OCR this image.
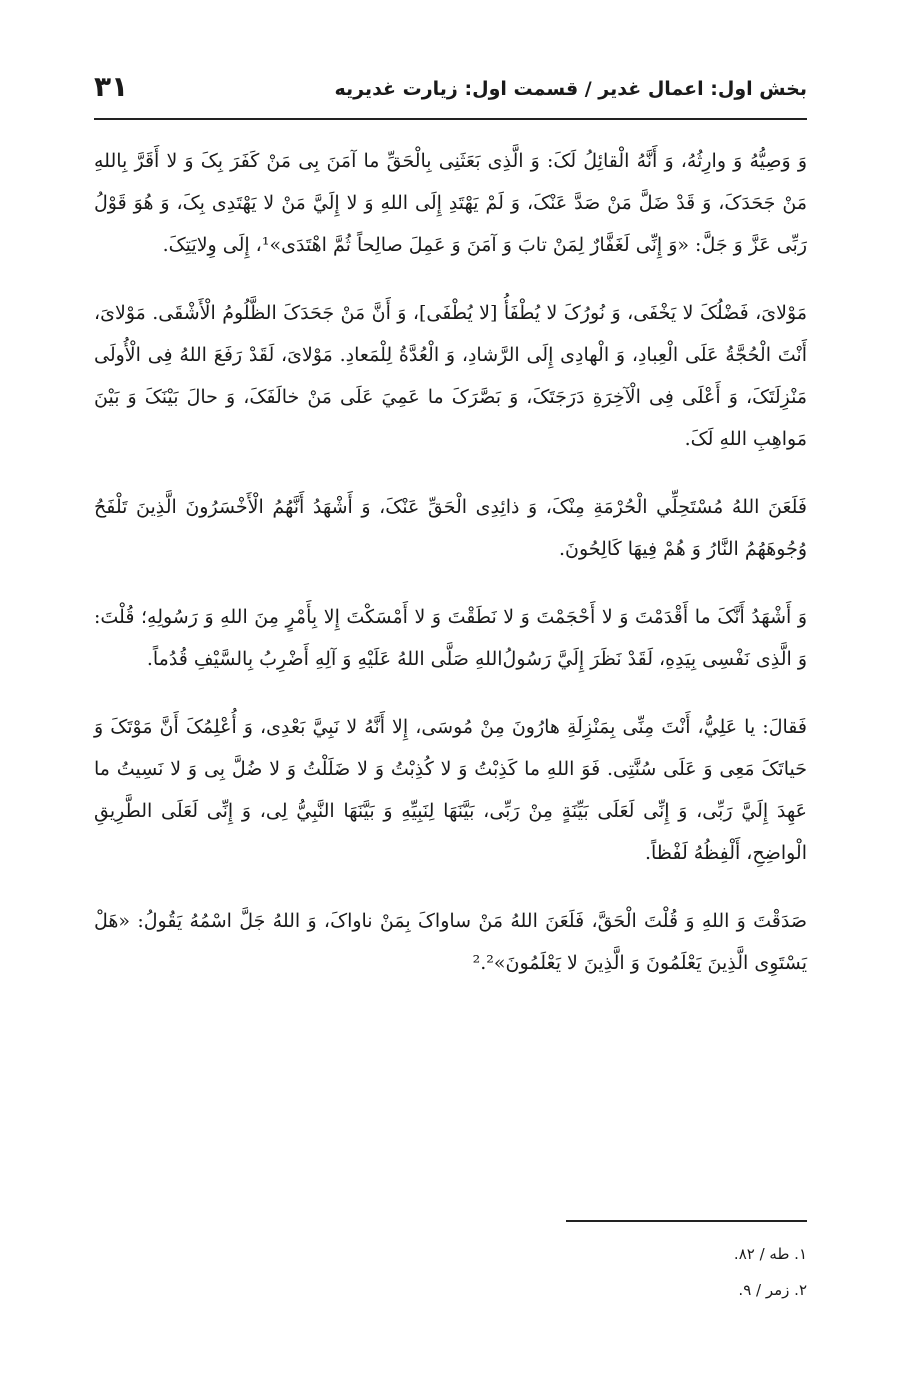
بخش اول: اعمال غدیر / قسمت اول: زیارت غدیریه
۳۱

وَ وَصِيُّهُ وَ وارِثُهُ، وَ أَنَّهُ الْقائِلُ لَکَ: وَ الَّذِی بَعَثَنِی بِالْحَقِّ ما آمَنَ بِی مَنْ كَفَرَ بِکَ وَ لا أَقَرَّ بِاللهِ مَنْ جَحَدَکَ، وَ قَدْ ضَلَّ مَنْ صَدَّ عَنْکَ، وَ لَمْ يَهْتَدِ إِلَى اللهِ وَ لا إِلَيَّ مَنْ لا يَهْتَدِی بِکَ، وَ هُوَ قَوْلُ رَبِّی عَزَّ وَ جَلَّ: «وَ إِنِّی لَغَفَّارٌ لِمَنْ تابَ وَ آمَنَ وَ عَمِلَ صالِحاً ثُمَّ اهْتَدَى»¹، إِلَى وِلايَتِکَ.

مَوْلایَ، فَضْلُکَ لا يَخْفَى، وَ نُورُکَ لا يُطْفَأُ [لا يُطْفَى]، وَ أَنَّ مَنْ جَحَدَکَ الظَّلُومُ الْأَشْقَى. مَوْلایَ، أَنْتَ الْحُجَّةُ عَلَى الْعِبادِ، وَ الْهادِی إِلَى الرَّشادِ، وَ الْعُدَّةُ لِلْمَعادِ. مَوْلایَ، لَقَدْ رَفَعَ اللهُ فِی الْأُولَى مَنْزِلَتَکَ، وَ أَعْلَى فِی الْآخِرَةِ دَرَجَتَکَ، وَ بَصَّرَکَ ما عَمِيَ عَلَى مَنْ خالَفَکَ، وَ حالَ بَيْنَکَ وَ بَيْنَ مَواهِبِ اللهِ لَکَ.

فَلَعَنَ اللهُ مُسْتَحِلِّي الْحُرْمَةِ مِنْکَ، وَ ذائِدِی الْحَقِّ عَنْکَ، وَ أَشْهَدُ أَنَّهُمُ الْأَخْسَرُونَ الَّذِينَ تَلْفَحُ وُجُوهَهُمُ النَّارُ وَ هُمْ فِيهَا كَالِحُونَ.

وَ أَشْهَدُ أَنَّکَ ما أَقْدَمْتَ وَ لا أَحْجَمْتَ وَ لا نَطَقْتَ وَ لا أَمْسَكْتَ إِلا بِأَمْرٍ مِنَ اللهِ وَ رَسُولِهِ؛ قُلْتَ: وَ الَّذِی نَفْسِی بِيَدِهِ، لَقَدْ نَظَرَ إِلَيَّ رَسُولُ‌اللهِ صَلَّى اللهُ عَلَيْهِ وَ آلِهِ أَضْرِبُ بِالسَّيْفِ قُدُماً.

فَقالَ: يا عَلِيُّ، أَنْتَ مِنِّی بِمَنْزِلَةِ هارُونَ مِنْ مُوسَى، إِلا أَنَّهُ لا نَبِيَّ بَعْدِی، وَ أُعْلِمُکَ أَنَّ مَوْتَکَ وَ حَياتَکَ مَعِی وَ عَلَى سُنَّتِی. فَوَ اللهِ ما كَذِبْتُ وَ لا كُذِبْتُ وَ لا ضَلَلْتُ وَ لا ضُلَّ بِی وَ لا نَسِيتُ ما عَهِدَ إِلَيَّ رَبِّی، وَ إِنِّی لَعَلَى بَيِّنَةٍ مِنْ رَبِّی، بَيَّنَهَا لِنَبِيِّهِ وَ بَيَّنَهَا النَّبِيُّ لِی، وَ إِنِّی لَعَلَى الطَّرِيقِ الْواضِحِ، أَلْفِظُهُ لَفْظاً.

صَدَقْتَ وَ اللهِ وَ قُلْتَ الْحَقَّ، فَلَعَنَ اللهُ مَنْ ساواکَ بِمَنْ ناواکَ، وَ اللهُ جَلَّ اسْمُهُ يَقُولُ: «هَلْ يَسْتَوِی الَّذِينَ يَعْلَمُونَ وَ الَّذِينَ لا يَعْلَمُونَ»².²

۱. طه / ۸۲.

۲. زمر / ۹.
